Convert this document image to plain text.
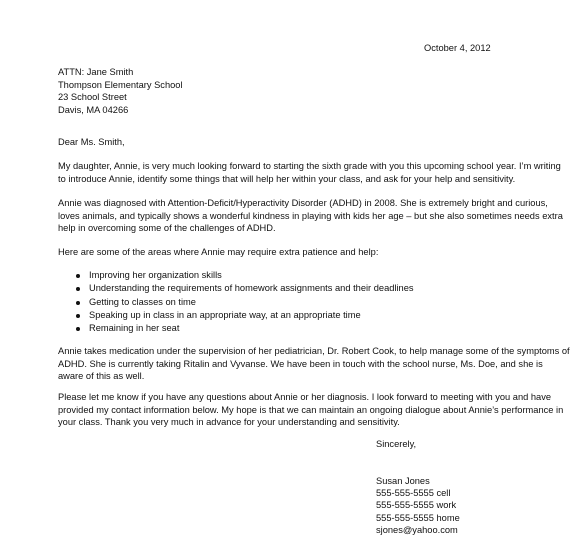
October 4, 2012
ATTN: Jane Smith
Thompson Elementary School
23 School Street
Davis, MA 04266
Dear Ms. Smith,

My daughter, Annie, is very much looking forward to starting the sixth grade with you this upcoming school year. I’m writing to introduce Annie, identify some things that will help her within your class, and ask for your help and sensitivity.

Annie was diagnosed with Attention-Deficit/Hyperactivity Disorder (ADHD) in 2008. She is extremely bright and curious, loves animals, and typically shows a wonderful kindness in playing with kids her age – but she also sometimes needs extra help in overcoming some of the challenges of ADHD.

Here are some of the areas where Annie may require extra patience and help:

Improving her organization skills
Understanding the requirements of homework assignments and their deadlines
Getting to classes on time
Speaking up in class in an appropriate way, at an appropriate time
Remaining in her seat

Annie takes medication under the supervision of her pediatrician, Dr. Robert Cook, to help manage some of the symptoms of ADHD. She is currently taking Ritalin and Vyvanse. We have been in touch with the school nurse, Ms. Doe, and she is aware of this as well.

Please let me know if you have any questions about Annie or her diagnosis. I look forward to meeting with you and have provided my contact information below. My hope is that we can maintain an ongoing dialogue about Annie’s performance in your class. Thank you very much in advance for your understanding and sensitivity.

Sincerely,
Susan Jones
555-555-5555 cell
555-555-5555 work
555-555-5555 home
sjones@yahoo.com
